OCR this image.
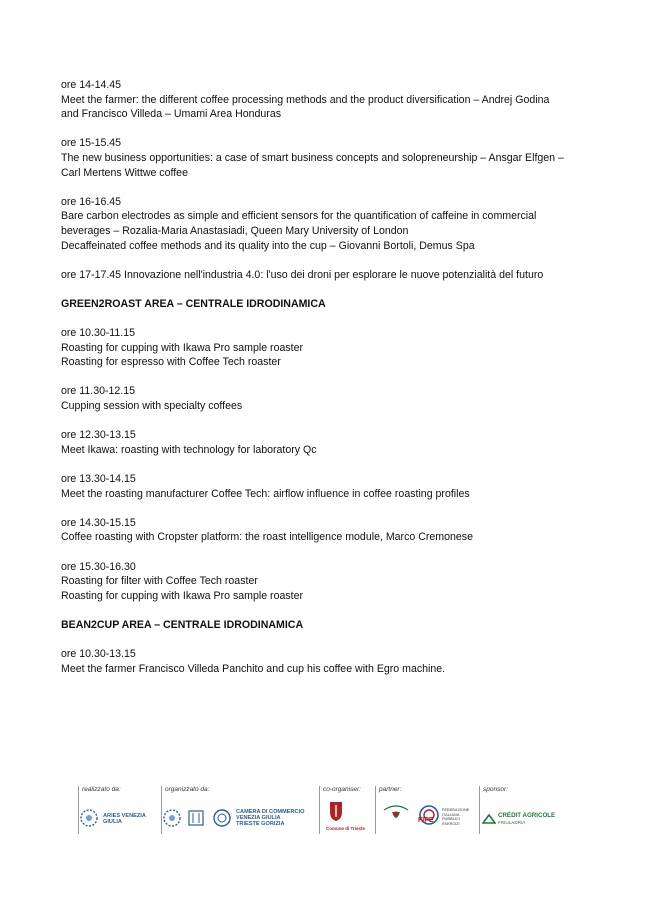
ore 14-14.45

Meet the farmer: the different coffee processing methods and the product diversification – Andrej Godina

and Francisco Villeda – Umami Area Honduras

ore 15-15.45

The new business opportunities: a case of smart business concepts and solopreneurship – Ansgar Elfgen –

Carl Mertens Wittwe coffee

ore 16-16.45

Bare carbon electrodes as simple and efficient sensors for the quantification of caffeine in commercial

beverages – Rozalia-Maria Anastasiadi, Queen Mary University of London

Decaffeinated coffee methods and its quality into the cup – Giovanni Bortoli, Demus Spa

ore 17-17.45 Innovazione nell'industria 4.0: l'uso dei droni per esplorare le nuove potenzialità del futuro

GREEN2ROAST AREA – CENTRALE IDRODINAMICA

ore 10.30-11.15

Roasting for cupping with Ikawa Pro sample roaster

Roasting for espresso with Coffee Tech roaster

ore 11.30-12.15

Cupping session with specialty coffees

ore 12.30-13.15

Meet Ikawa: roasting with technology for laboratory Qc

ore 13.30-14.15

Meet the roasting manufacturer Coffee Tech: airflow influence in coffee roasting profiles

ore 14.30-15.15

Coffee roasting with Cropster platform: the roast intelligence module, Marco Cremonese

ore 15.30-16.30

Roasting for filter with Coffee Tech roaster

Roasting for cupping with Ikawa Pro sample roaster

BEAN2CUP AREA – CENTRALE IDRODINAMICA

ore 10.30-13.15

Meet the farmer Francisco Villeda Panchito and cup his coffee with Egro machine.

realizzato da:
ARIES VENEZIA GIULIA
organizzato da:
CAMERA DI COMMERCIO
VENEZIA GIULIA
TRIESTE GORIZIA
co-organiser:
Comune di Trieste
partner:
FIPE
FEDERAZIONE ITALIANA PUBBLICI ESERCIZI
sponsor:
CRÉDIT AGRICOLE
FRIULADRIA
